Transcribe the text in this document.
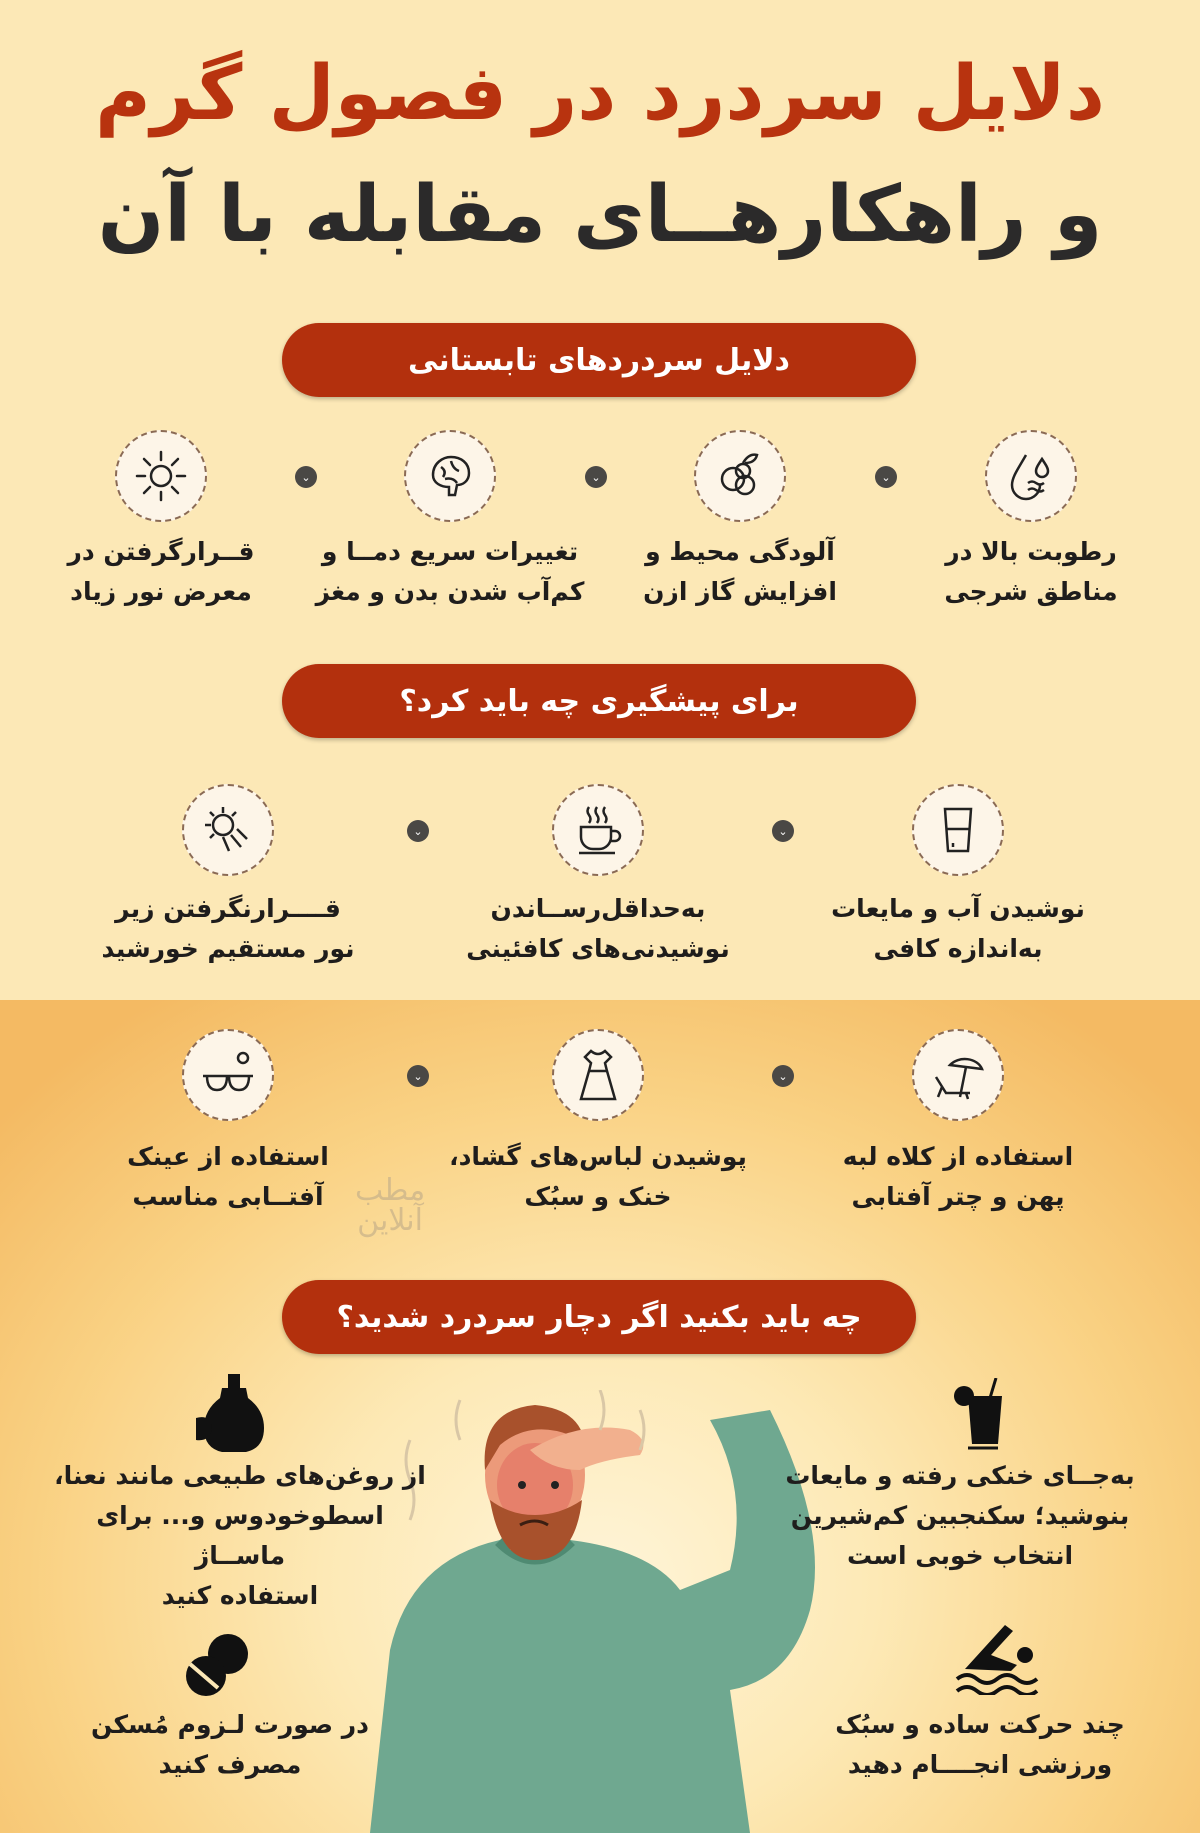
دلایل سردرد در فصول گرم
و راهکارهــای مقابله با آن
دلایل سردردهای تابستانی
⌄
⌄
⌄
رطوبت بالا در
مناطق شرجی
آلودگی محیط و
افزایش گاز ازن
تغییرات سریع دمــا و
کم‌آب شدن بدن و مغز
قــرارگرفتن در
معرض نور زیاد
برای پیشگیری چه باید کرد؟
⌄
⌄
نوشیدن آب و مایعات
به‌اندازه کافی
به‌حداقل‌رســاندن
نوشیدنی‌های کافئینی
قــــرارنگرفتن زیر
نور مستقیم خورشید
⌄
⌄
استفاده از کلاه لبه
پهن و چتر آفتابی
پوشیدن لباس‌های گشاد،
خنک و سبُک
استفاده از عینک
آفتــابی مناسب	مطب
آنلاین
چه باید بکنید اگر دچار سردرد شدید؟
به‌جــای خنکی رفته و مایعات
بنوشید؛ سکنجبین کم‌شیرین
انتخاب خوبی است
از روغن‌های طبیعی مانند نعنا،
اسطوخودوس و... برای ماســاژ
استفاده کنید
چند حرکت ساده و سبُک
ورزشی انجــــام دهید
در صورت لـزوم مُسکن
مصرف کنید
